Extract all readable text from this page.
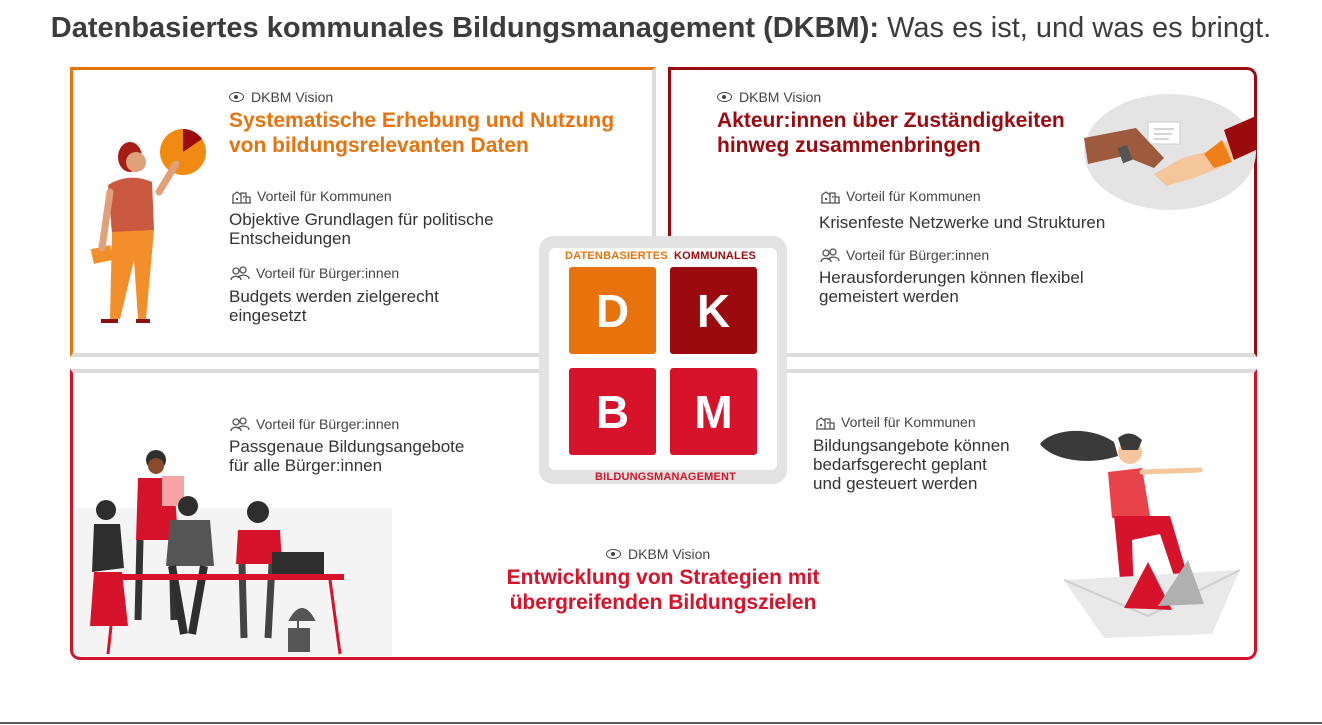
Datenbasiertes kommunales Bildungsmanagement (DKBM): Was es ist, und was es bringt.
DKBM Vision
Systematische Erhebung und Nutzung
von bildungsrelevanten Daten
Vorteil für Kommunen
Objektive Grundlagen für politische
Entscheidungen
Vorteil für Bürger:innen
Budgets werden zielgerecht
eingesetzt
DKBM Vision
Akteur:innen über Zuständigkeiten
hinweg zusammenbringen
Vorteil für Kommunen
Krisenfeste Netzwerke und Strukturen
Vorteil für Bürger:innen
Herausforderungen können flexibel
gemeistert werden
Vorteil für Bürger:innen
Passgenaue Bildungsangebote
für alle Bürger:innen
Vorteil für Kommunen
Bildungsangebote können
bedarfsgerecht geplant
und gesteuert werden
DKBM Vision
Entwicklung von Strategien mit
übergreifenden Bildungszielen
DATENBASIERTES KOMMUNALES
D	K
B	M
BILDUNGSMANAGEMENT
